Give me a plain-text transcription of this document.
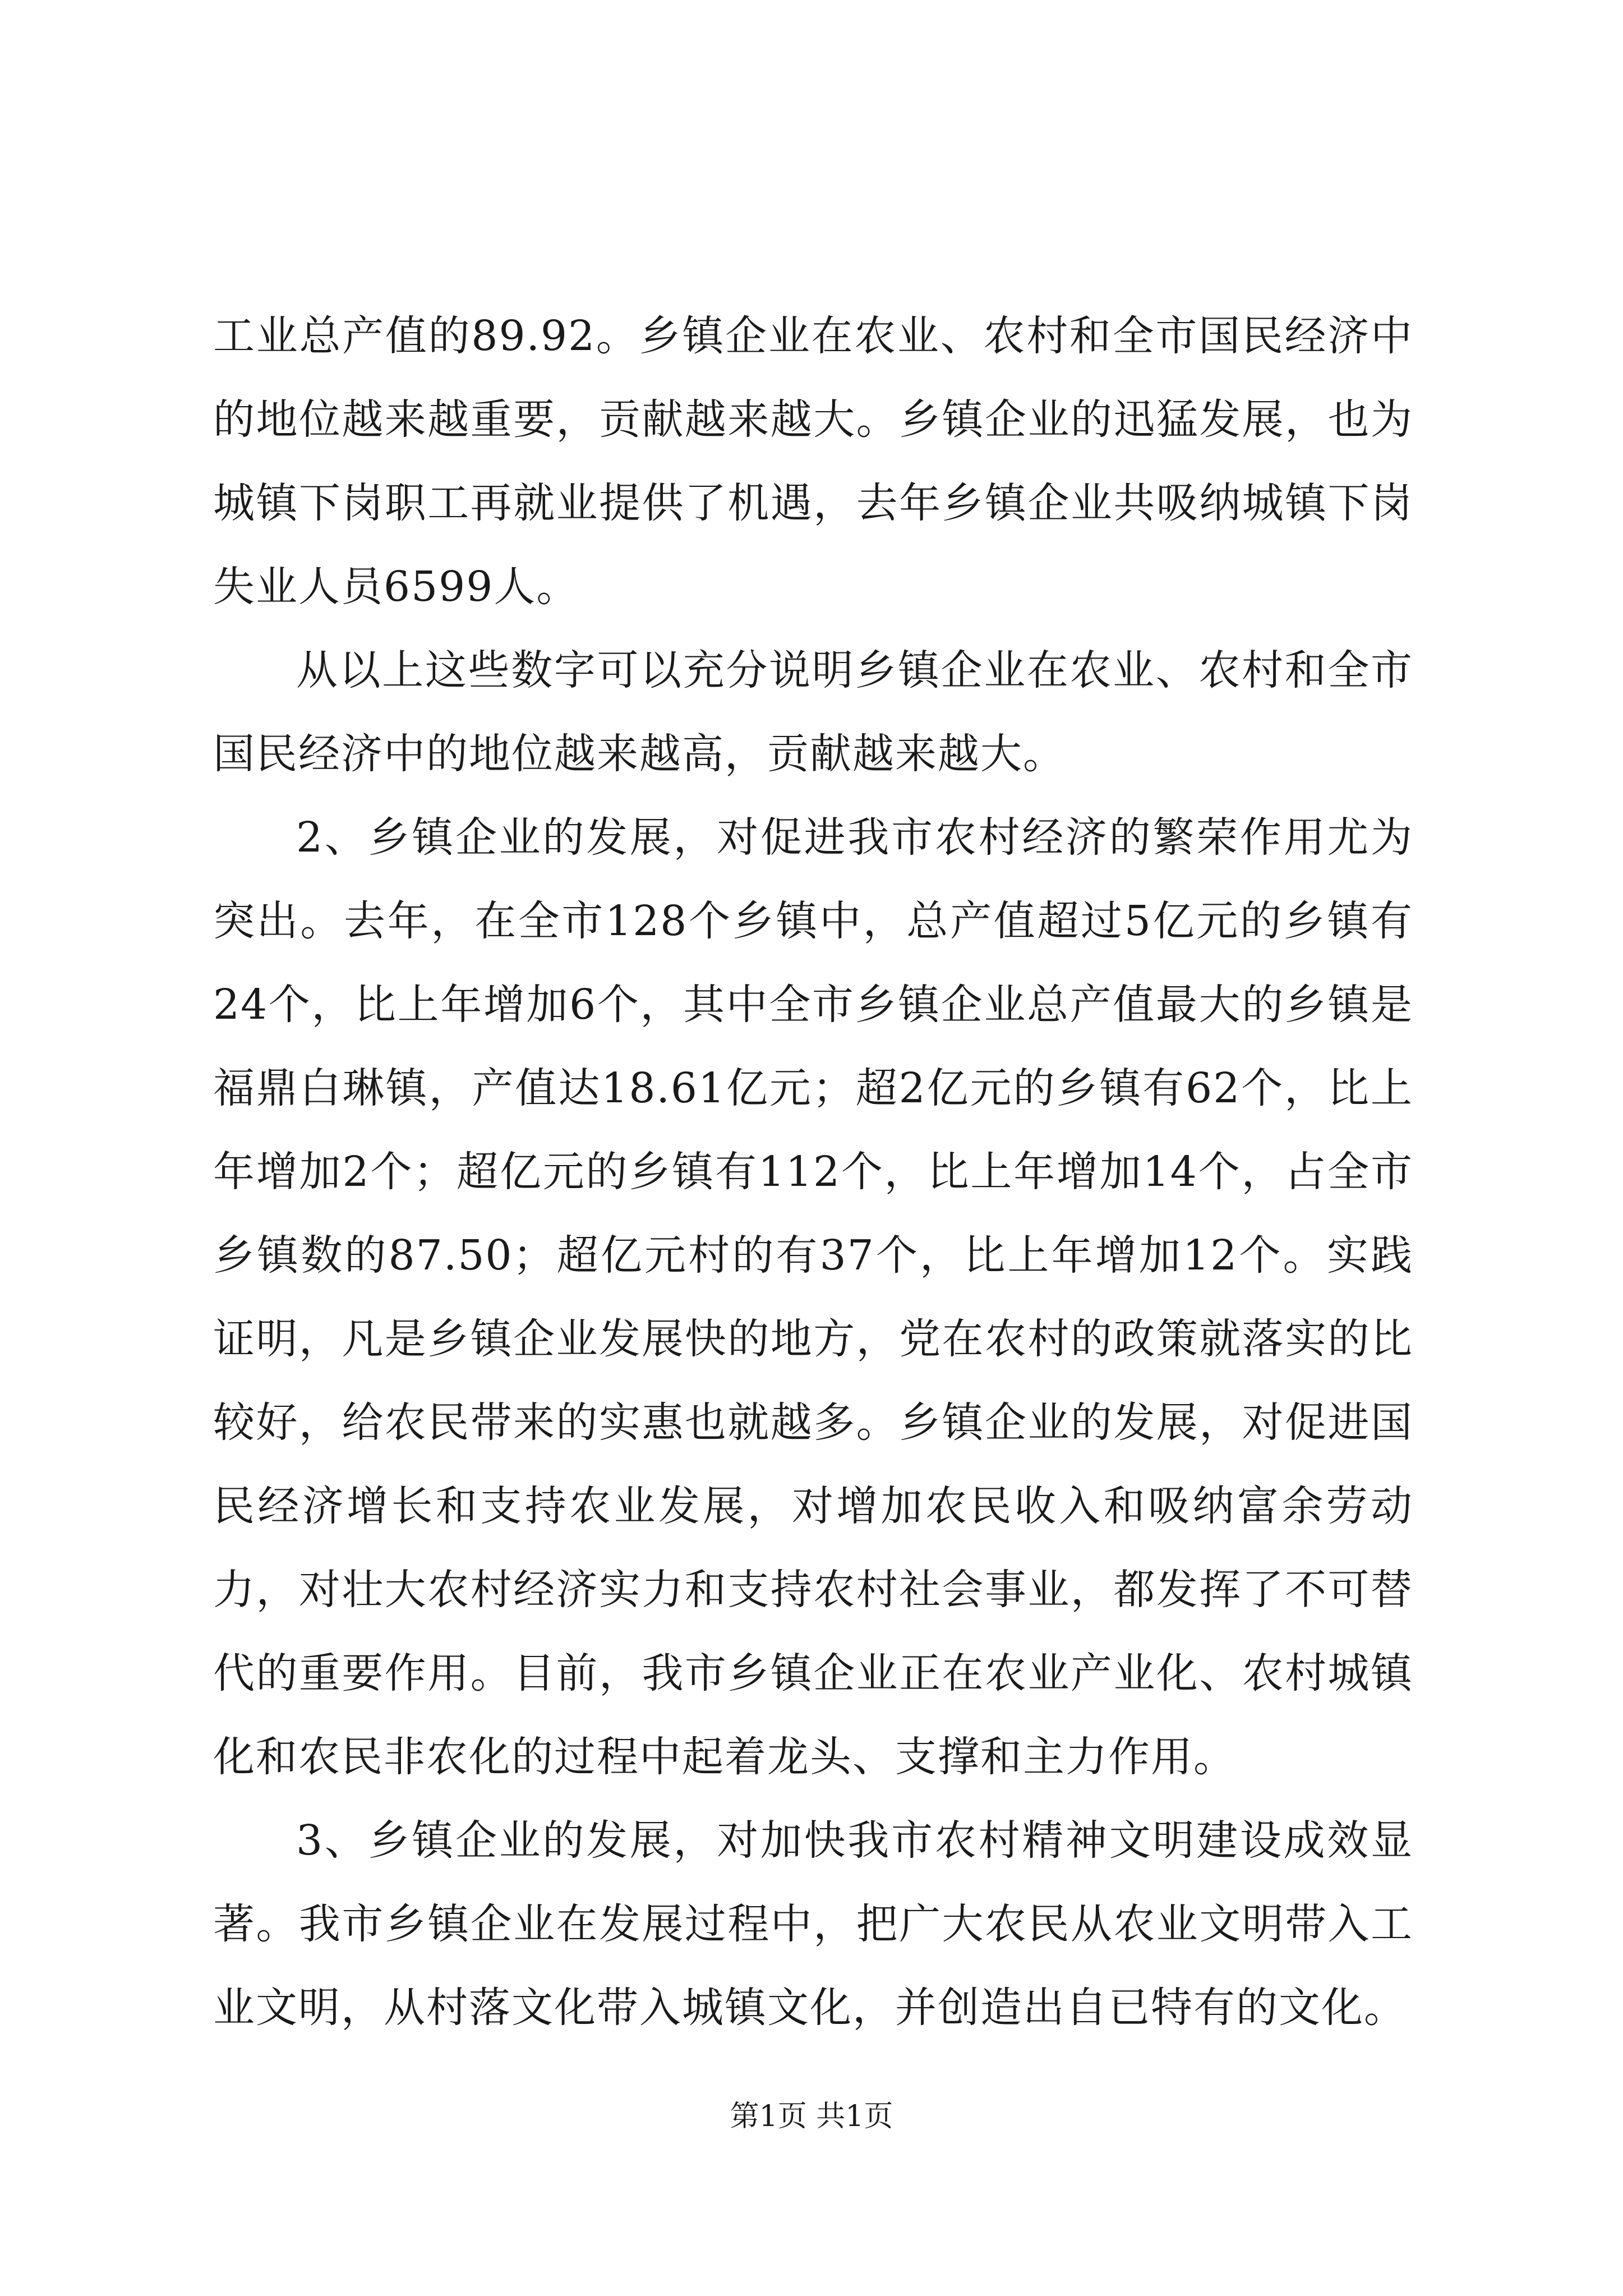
工业总产值的89.92。乡镇企业在农业、农村和全市国民经济中的地位越来越重要，贡献越来越大。乡镇企业的迅猛发展，也为城镇下岗职工再就业提供了机遇，去年乡镇企业共吸纳城镇下岗失业人员6599人。

从以上这些数字可以充分说明乡镇企业在农业、农村和全市国民经济中的地位越来越高，贡献越来越大。

2、乡镇企业的发展，对促进我市农村经济的繁荣作用尤为突出。去年，在全市128个乡镇中，总产值超过5亿元的乡镇有24个，比上年增加6个，其中全市乡镇企业总产值最大的乡镇是福鼎白琳镇，产值达18.61亿元；超2亿元的乡镇有62个，比上年增加2个；超亿元的乡镇有112个，比上年增加14个，占全市乡镇数的87.50；超亿元村的有37个，比上年增加12个。实践证明，凡是乡镇企业发展快的地方，党在农村的政策就落实的比较好，给农民带来的实惠也就越多。乡镇企业的发展，对促进国民经济增长和支持农业发展，对增加农民收入和吸纳富余劳动力，对壮大农村经济实力和支持农村社会事业，都发挥了不可替代的重要作用。目前，我市乡镇企业正在农业产业化、农村城镇化和农民非农化的过程中起着龙头、支撑和主力作用。

3、乡镇企业的发展，对加快我市农村精神文明建设成效显著。我市乡镇企业在发展过程中，把广大农民从农业文明带入工业文明，从村落文化带入城镇文化，并创造出自已特有的文化。

第1页 共1页
